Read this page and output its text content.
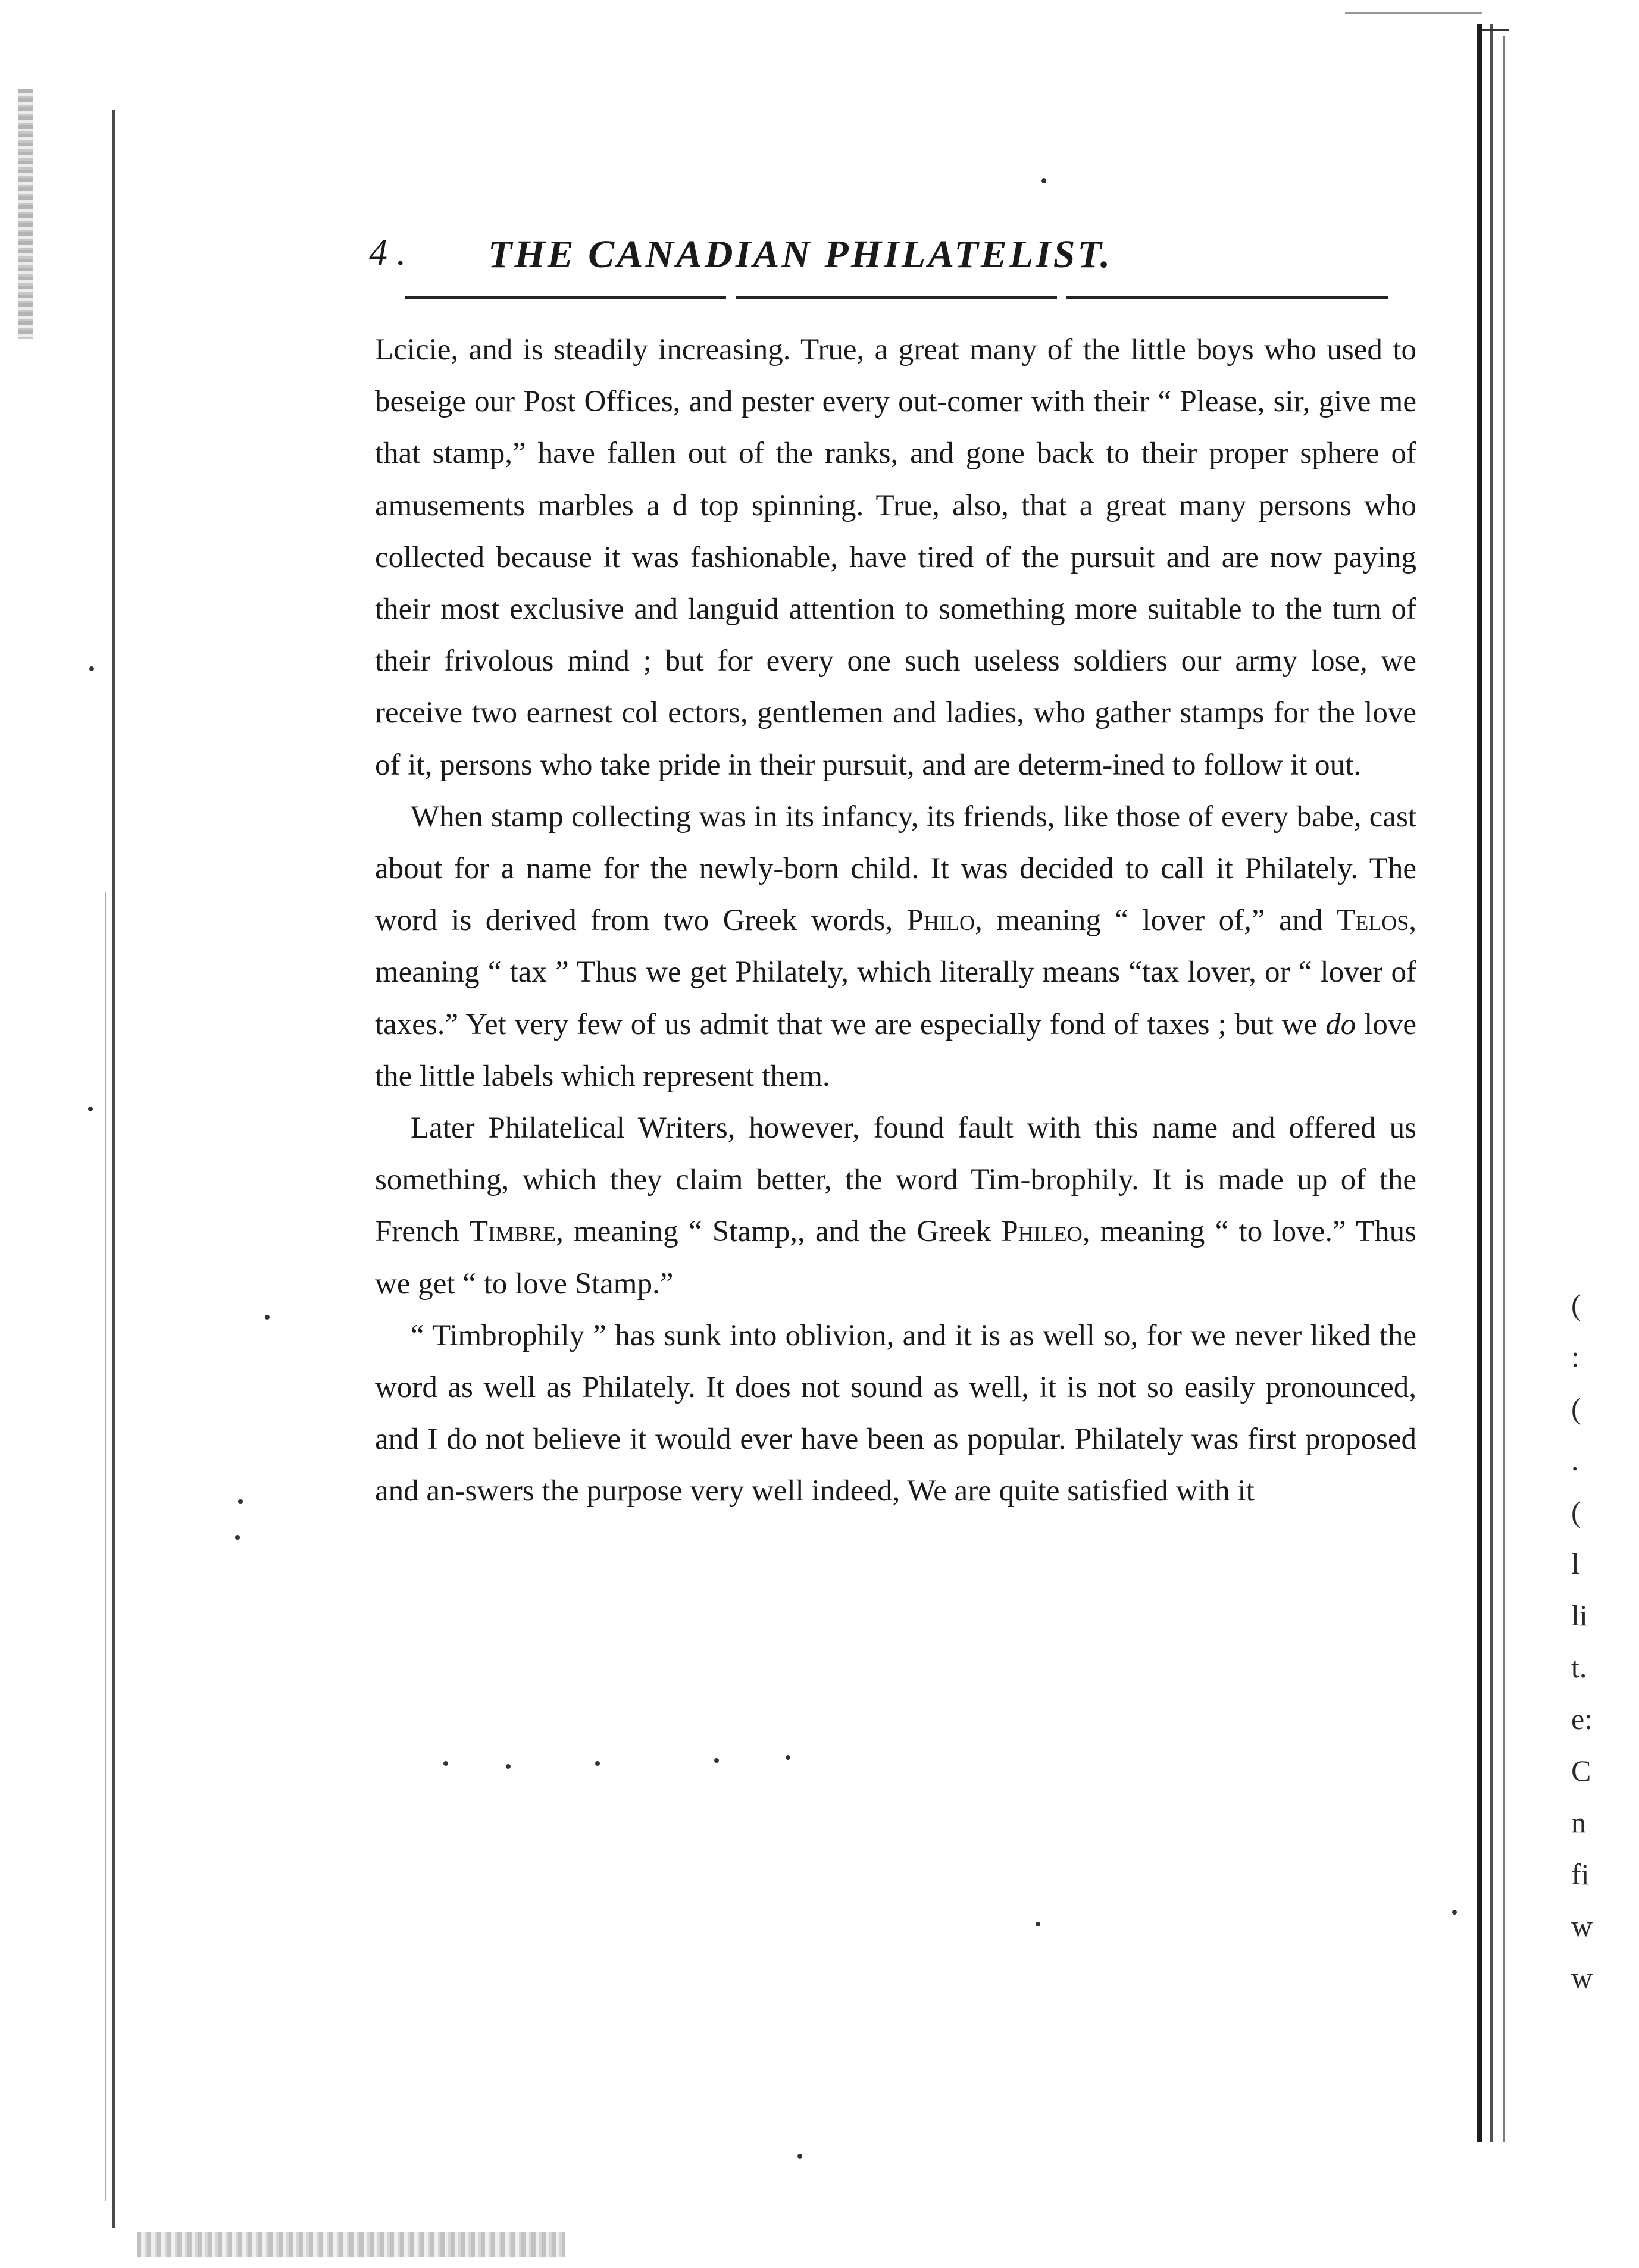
4 . THE CANADIAN PHILATELIST.

Lcicie, and is steadily increasing. True, a great many of the little boys who used to beseige our Post Offices, and pester every out-comer with their “ Please, sir, give me that stamp,” have fallen out of the ranks, and gone back to their proper sphere of amusements marbles a d top spinning. True, also, that a great many persons who collected because it was fashionable, have tired of the pursuit and are now paying their most exclusive and languid attention to something more suitable to the turn of their frivolous mind ; but for every one such useless soldiers our army lose, we receive two earnest col ectors, gentlemen and ladies, who gather stamps for the love of it, persons who take pride in their pursuit, and are determ-ined to follow it out.

When stamp collecting was in its infancy, its friends, like those of every babe, cast about for a name for the newly-born child. It was decided to call it Philately. The word is derived from two Greek words, Philo, meaning “ lover of,” and Telos, meaning “ tax ” Thus we get Philately, which literally means “tax lover, or “ lover of taxes.” Yet very few of us admit that we are especially fond of taxes ; but we do love the little labels which represent them.

Later Philatelical Writers, however, found fault with this name and offered us something, which they claim better, the word Tim-brophily. It is made up of the French Timbre, meaning “ Stamp,, and the Greek Phileo, meaning “ to love.” Thus we get “ to love Stamp.”

“ Timbrophily ” has sunk into oblivion, and it is as well so, for we never liked the word as well as Philately. It does not sound as well, it is not so easily pronounced, and I do not believe it would ever have been as popular. Philately was first proposed and an-swers the purpose very well indeed, We are quite satisfied with it

(
:
(
.
(
l
li
t.
e:
C
n
fi
w
w
